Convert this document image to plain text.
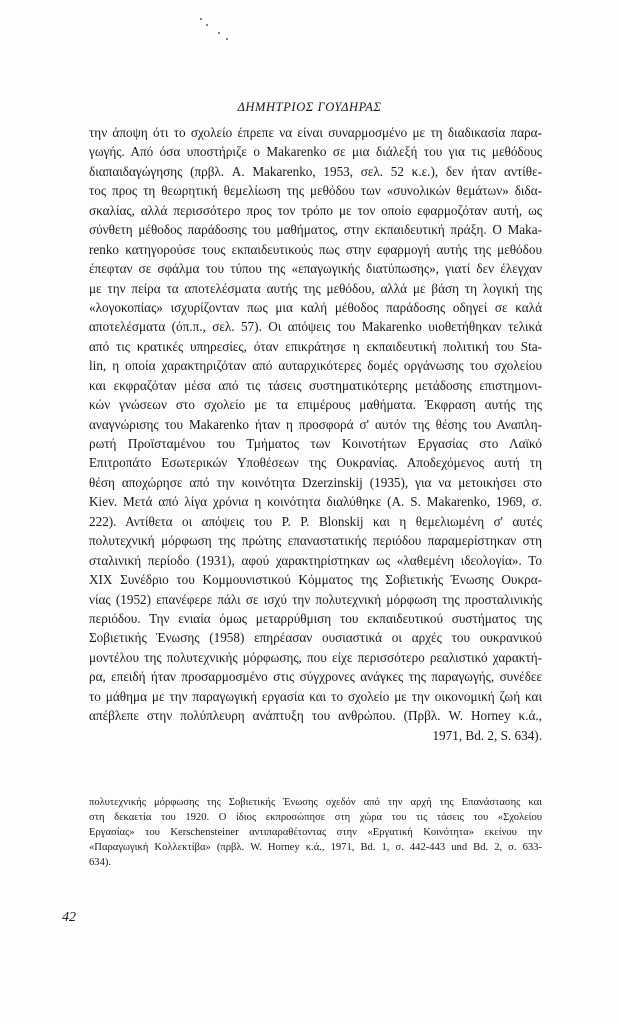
ΔΗΜΗΤΡΙΟΣ ΓΟΥΔΗΡΑΣ
την άποψη ότι το σχολείο έπρεπε να είναι συναρμοσμένο με τη διαδικασία παρα-
γωγής. Από όσα υποστήριζε ο Makarenko σε μια διάλεξή του για τις μεθόδους
διαπαιδαγώγησης (πρβλ. A. Makarenko, 1953, σελ. 52 κ.ε.), δεν ήταν αντίθε-
τος προς τη θεωρητική θεμελίωση της μεθόδου των «συνολικών θεμάτων» διδα-
σκαλίας, αλλά περισσότερο προς τον τρόπο με τον οποίο εφαρμοζόταν αυτή, ως
σύνθετη μέθοδος παράδοσης του μαθήματος, στην εκπαιδευτική πράξη. Ο Maka-
renko κατηγορούσε τους εκπαιδευτικούς πως στην εφαρμογή αυτής της μεθόδου
έπεφταν σε σφάλμα του τύπου της «επαγωγικής διατύπωσης», γιατί δεν έλεγχαν
με την πείρα τα αποτελέσματα αυτής της μεθόδου, αλλά με βάση τη λογική της
«λογοκοπίας» ισχυρίζονταν πως μια καλή μέθοδος παράδοσης οδηγεί σε καλά
αποτελέσματα (όπ.π., σελ. 57). Οι απόψεις του Makarenko υιοθετήθηκαν τελικά
από τις κρατικές υπηρεσίες, όταν επικράτησε η εκπαιδευτική πολιτική του Sta-
lin, η οποία χαρακτηριζόταν από αυταρχικότερες δομές οργάνωσης του σχολείου
και εκφραζόταν μέσα από τις τάσεις συστηματικότερης μετάδοσης επιστημονι-
κών γνώσεων στο σχολείο με τα επιμέρους μαθήματα. Έκφραση αυτής της
αναγνώρισης του Makarenko ήταν η προσφορά σ' αυτόν της θέσης του Αναπλη-
ρωτή Προϊσταμένου του Τμήματος των Κοινοτήτων Εργασίας στο Λαϊκό
Επιτροπάτο Εσωτερικών Υποθέσεων της Ουκρανίας. Αποδεχόμενος αυτή τη
θέση αποχώρησε από την κοινότητα Dzerzinskij (1935), για να μετοικήσει στο
Kiev. Μετά από λίγα χρόνια η κοινότητα διαλύθηκε (A. S. Makarenko, 1969, σ.
222). Αντίθετα οι απόψεις του P. P. Blonskij και η θεμελιωμένη σ' αυτές
πολυτεχνική μόρφωση της πρώτης επαναστατικής περιόδου παραμερίστηκαν στη
σταλινική περίοδο (1931), αφού χαρακτηρίστηκαν ως «λαθεμένη ιδεολογία». Το
XIX Συνέδριο του Κομμουνιστικού Κόμματος της Σοβιετικής Ένωσης Ουκρα-
νίας (1952) επανέφερε πάλι σε ισχύ την πολυτεχνική μόρφωση της προσταλινικής
περιόδου. Την ενιαία όμως μεταρρύθμιση του εκπαιδευτικού συστήματος της
Σοβιετικής Ένωσης (1958) επηρέασαν ουσιαστικά οι αρχές του ουκρανικού
μοντέλου της πολυτεχνικής μόρφωσης, που είχε περισσότερο ρεαλιστικό χαρακτή-
ρα, επειδή ήταν προσαρμοσμένο στις σύγχρονες ανάγκες της παραγωγής, συνέδεε
το μάθημα με την παραγωγική εργασία και το σχολείο με την οικονομική ζωή και
απέβλεπε στην πολύπλευρη ανάπτυξη του ανθρώπου. (Πρβλ. W. Horney κ.ά.,
1971, Bd. 2, S. 634).
πολυτεχνικής μόρφωσης της Σοβιετικής Ένωσης σχεδόν από την αρχή της Επανάστασης και
στη δεκαετία του 1920. Ο ίδιος εκπροσώπησε στη χώρα του τις τάσεις του «Σχολείου
Εργασίας» του Kerschensteiner αντιπαραθέτοντας στην «Εργατική Κοινότητα» εκείνου την
«Παραγωγική Κολλεκτίβα» (πρβλ. W. Horney κ.ά., 1971, Bd. 1, σ. 442-443 und Bd. 2, σ. 633-
634).
42
